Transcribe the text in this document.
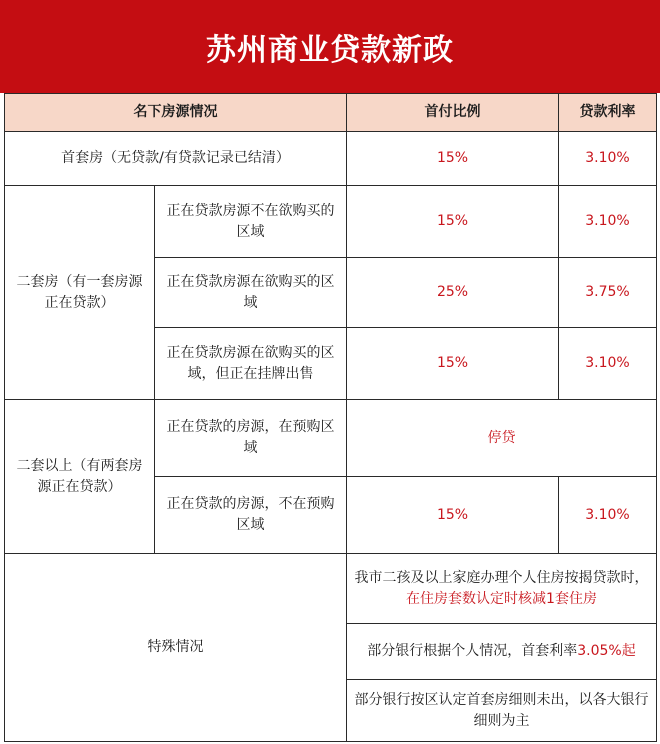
苏州商业贷款新政
名下房源情况		首付比例	贷款利率
首套房（无贷款/有贷款记录已结清）		15%	3.10%
二套房（有一套房源正在贷款）	正在贷款房源不在欲购买的区域	15%	3.10%
	正在贷款房源在欲购买的区域	25%	3.75%
	正在贷款房源在欲购买的区域，但正在挂牌出售	15%	3.10%
二套以上（有两套房源正在贷款）	正在贷款的房源，在预购区域	停贷	
	正在贷款的房源，不在预购区域	15%	3.10%
特殊情况		我市二孩及以上家庭办理个人住房按揭贷款时，在住房套数认定时核减1套住房	
		部分银行根据个人情况，首套利率3.05%起	
		部分银行按区认定首套房细则未出，以各大银行细则为主	
